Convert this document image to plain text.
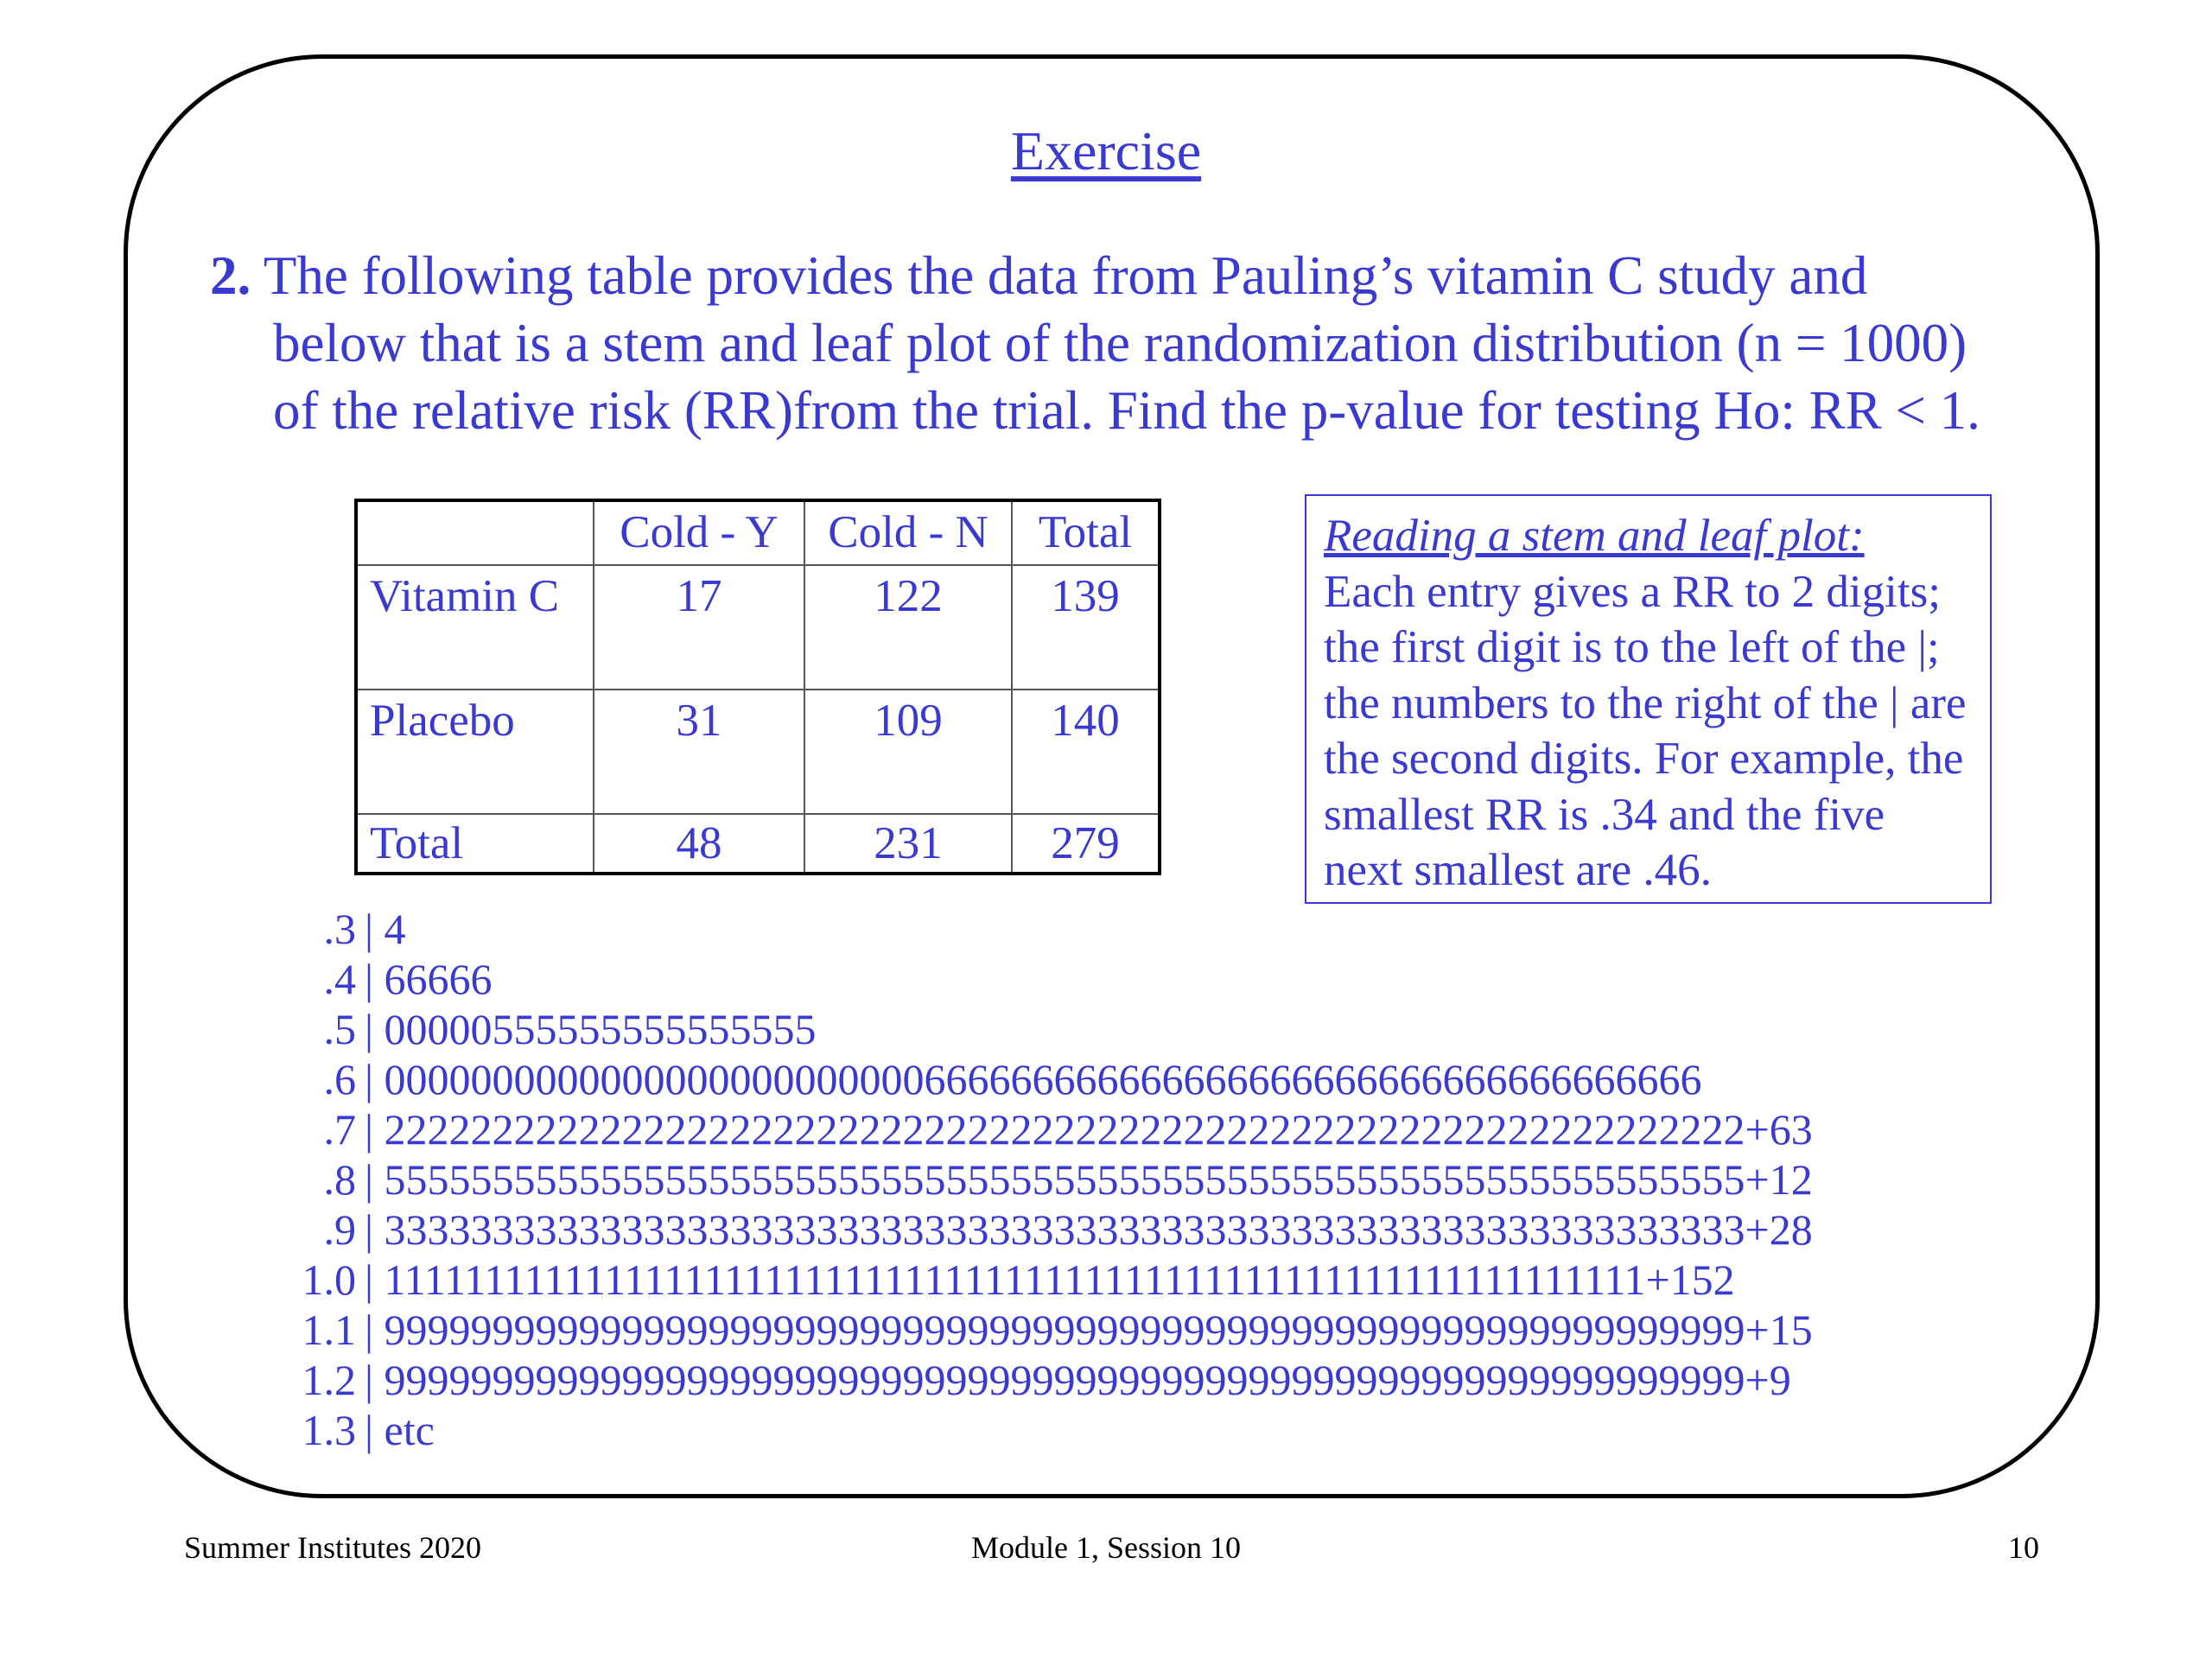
Exercise
2. The following table provides the data from Pauling’s vitamin C study and
below that is a stem and leaf plot of the randomization distribution (n = 1000)
of the relative risk (RR)from the trial. Find the p-value for testing Ho: RR < 1.
	Cold - Y	Cold - N	Total
Vitamin C	17	122	139
Placebo	31	109	140
Total	48	231	279
Reading a stem and leaf plot:
Each entry gives a RR to 2 digits;
the first digit is to the left of the |;
the numbers to the right of the | are
the second digits. For example, the
smallest RR is .34 and the five
next smallest are .46.
.3 | 4
.4 | 66666
.5 | 00000555555555555555
.6 | 0000000000000000000000000666666666666666666666666666666666666
.7 | 222222222222222222222222222222222222222222222222222222222222222+63
.8 | 555555555555555555555555555555555555555555555555555555555555555+12
.9 | 333333333333333333333333333333333333333333333333333333333333333+28
1.0 | 111111111111111111111111111111111111111111111111111111111111111+152
1.1 | 999999999999999999999999999999999999999999999999999999999999999+15
1.2 | 999999999999999999999999999999999999999999999999999999999999999+9
1.3 | etc
Summer Institutes 2020	Module 1, Session 10	10
